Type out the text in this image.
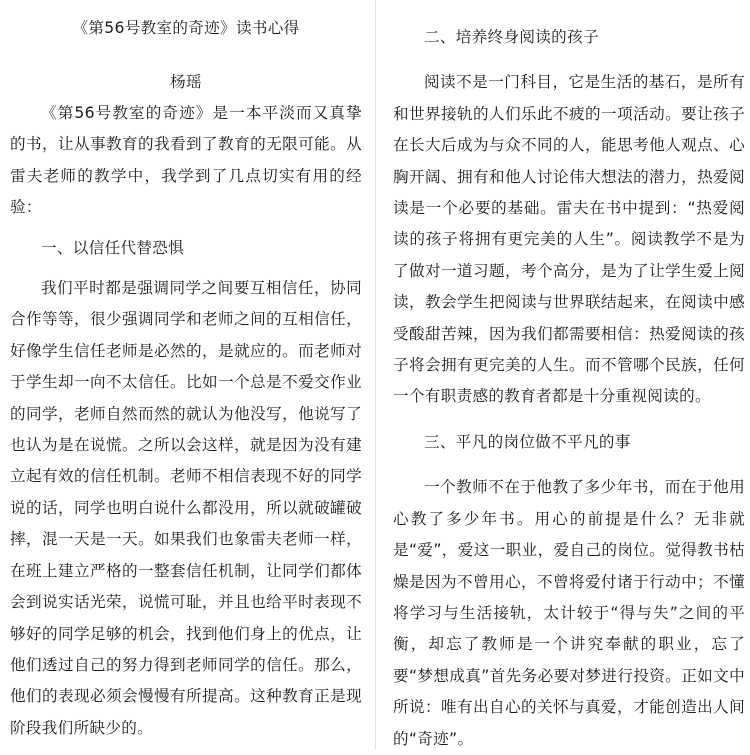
《第56号教室的奇迹》读书心得
杨瑶
《第56号教室的奇迹》是一本平淡而又真挚的书，让从事教育的我看到了教育的无限可能。从雷夫老师的教学中，我学到了几点切实有用的经验：
一、以信任代替恐惧
我们平时都是强调同学之间要互相信任，协同合作等等，很少强调同学和老师之间的互相信任，好像学生信任老师是必然的，是就应的。而老师对于学生却一向不太信任。比如一个总是不爱交作业的同学，老师自然而然的就认为他没写，他说写了也认为是在说慌。之所以会这样，就是因为没有建立起有效的信任机制。老师不相信表现不好的同学说的话，同学也明白说什么都没用，所以就破罐破摔，混一天是一天。如果我们也象雷夫老师一样，在班上建立严格的一整套信任机制，让同学们都体会到说实话光荣，说慌可耻，并且也给平时表现不够好的同学足够的机会，找到他们身上的优点，让他们透过自己的努力得到老师同学的信任。那么，他们的表现必须会慢慢有所提高。这种教育正是现阶段我们所缺少的。
二、培养终身阅读的孩子
阅读不是一门科目，它是生活的基石，是所有和世界接轨的人们乐此不疲的一项活动。要让孩子在长大后成为与众不同的人，能思考他人观点、心胸开阔、拥有和他人讨论伟大想法的潜力，热爱阅读是一个必要的基础。雷夫在书中提到：“热爱阅读的孩子将拥有更完美的人生”。阅读教学不是为了做对一道习题，考个高分，是为了让学生爱上阅读，教会学生把阅读与世界联结起来，在阅读中感受酸甜苦辣，因为我们都需要相信：热爱阅读的孩子将会拥有更完美的人生。而不管哪个民族，任何一个有职责感的教育者都是十分重视阅读的。
三、平凡的岗位做不平凡的事
一个教师不在于他教了多少年书，而在于他用心教了多少年书。用心的前提是什么？无非就是“爱”，爱这一职业，爱自己的岗位。觉得教书枯燥是因为不曾用心，不曾将爱付诸于行动中；不懂将学习与生活接轨，太计较于“得与失”之间的平衡，却忘了教师是一个讲究奉献的职业，忘了要“梦想成真”首先务必要对梦进行投资。正如文中所说：唯有出自心的关怀与真爱，才能创造出人间的“奇迹”。
